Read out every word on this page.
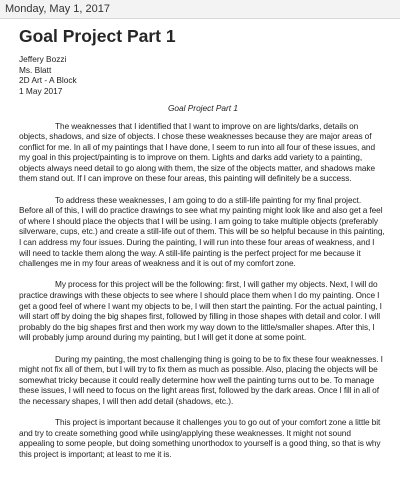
Monday, May 1, 2017
Goal Project Part 1

Jeffery Bozzi

Ms. Blatt

2D Art - A Block

1 May 2017

Goal Project Part 1

The weaknesses that I identified that I want to improve on are lights/darks, details on objects, shadows, and size of objects. I chose these weaknesses because they are major areas of conflict for me. In all of my paintings that I have done, I seem to run into all four of these issues, and my goal in this project/painting is to improve on them. Lights and darks add variety to a painting, objects always need detail to go along with them, the size of the objects matter, and shadows make them stand out. If I can improve on these four areas, this painting will definitely be a success.

To address these weaknesses, I am going to do a still-life painting for my final project. Before all of this, I will do practice drawings to see what my painting might look like and also get a feel of where I should place the objects that I will be using. I am going to take multiple objects (preferably silverware, cups, etc.) and create a still-life out of them. This will be so helpful because in this painting, I can address my four issues. During the painting, I will run into these four areas of weakness, and I will need to tackle them along the way. A still-life painting is the perfect project for me because it challenges me in my four areas of weakness and it is out of my comfort zone.

My process for this project will be the following: first, I will gather my objects. Next, I will do practice drawings with these objects to see where I should place them when I do my painting. Once I get a good feel of where I want my objects to be, I will then start the painting. For the actual painting, I will start off by doing the big shapes first, followed by filling in those shapes with detail and color. I will probably do the big shapes first and then work my way down to the little/smaller shapes. After this, I will probably jump around during my painting, but I will get it done at some point.

During my painting, the most challenging thing is going to be to fix these four weaknesses. I might not fix all of them, but I will try to fix them as much as possible. Also, placing the objects will be somewhat tricky because it could really determine how well the painting turns out to be. To manage these issues, I will need to focus on the light areas first, followed by the dark areas. Once I fill in all of the necessary shapes, I will then add detail (shadows, etc.).

This project is important because it challenges you to go out of your comfort zone a little bit and try to create something good while using/applying these weaknesses. It might not sound appealing to some people, but doing something unorthodox to yourself is a good thing, so that is why this project is important; at least to me it is.
